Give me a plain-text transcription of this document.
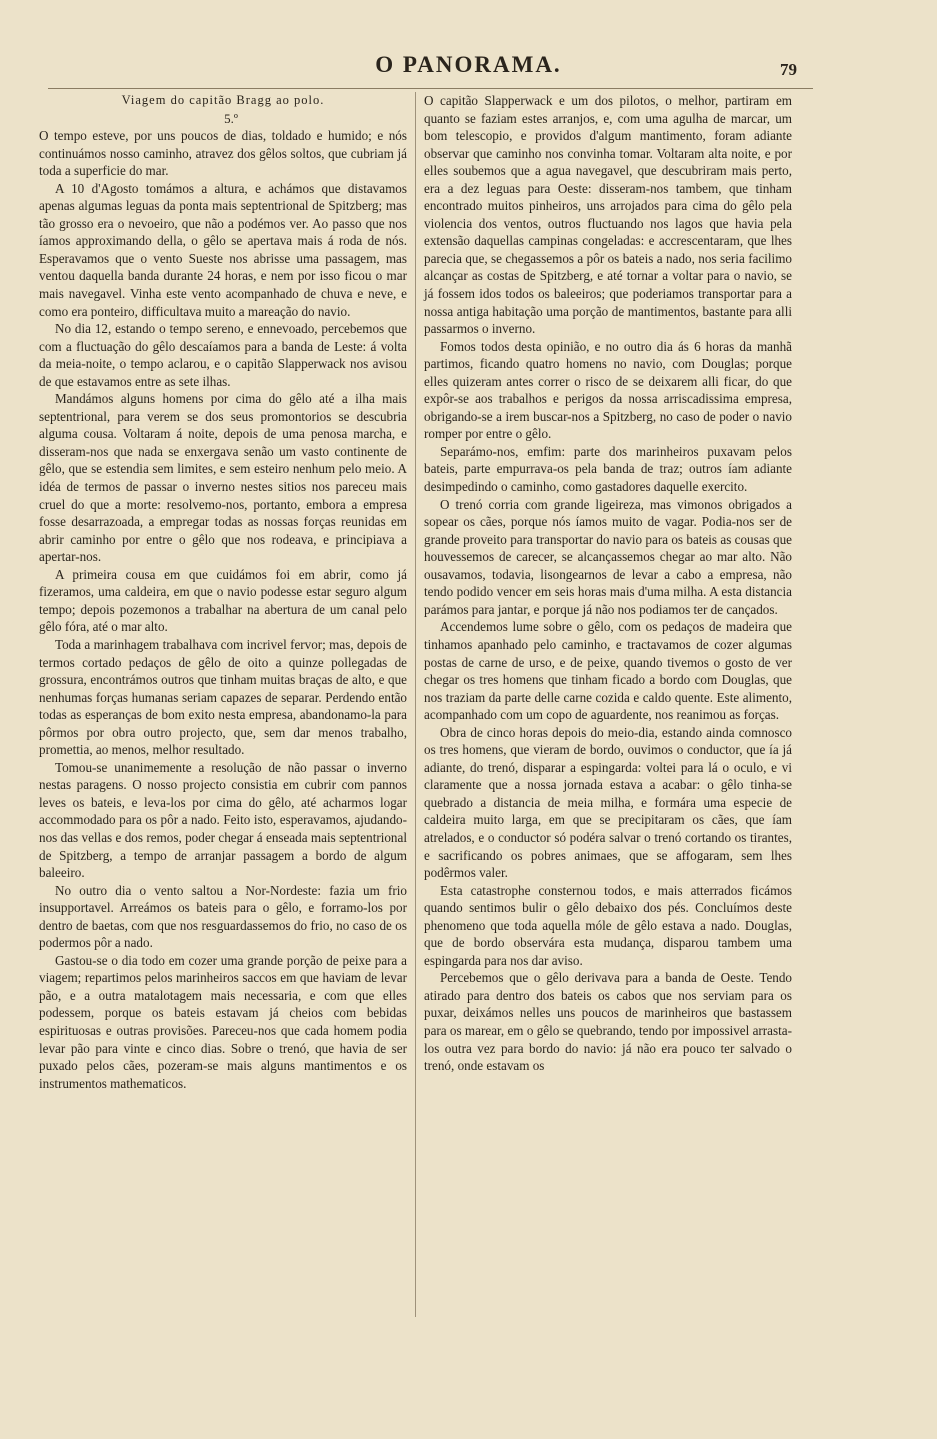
O PANORAMA.	79

Viagem do capitão Bragg ao polo.

5.º

O tempo esteve, por uns poucos de dias, toldado e humido; e nós continuámos nosso caminho, atravez dos gêlos soltos, que cubriam já toda a superficie do mar.

A 10 d'Agosto tomámos a altura, e achámos que distavamos apenas algumas leguas da ponta mais septentrional de Spitzberg; mas tão grosso era o nevoeiro, que não a podémos ver. Ao passo que nos íamos approximando della, o gêlo se apertava mais á roda de nós. Esperavamos que o vento Sueste nos abrisse uma passagem, mas ventou daquella banda durante 24 horas, e nem por isso ficou o mar mais navegavel. Vinha este vento acompanhado de chuva e neve, e como era ponteiro, difficultava muito a mareação do navio.

No dia 12, estando o tempo sereno, e ennevoado, percebemos que com a fluctuação do gêlo descaíamos para a banda de Leste: á volta da meia-noite, o tempo aclarou, e o capitão Slapperwack nos avisou de que estavamos entre as sete ilhas.

Mandámos alguns homens por cima do gêlo até a ilha mais septentrional, para verem se dos seus promontorios se descubria alguma cousa. Voltaram á noite, depois de uma penosa marcha, e disseram-nos que nada se enxergava senão um vasto continente de gêlo, que se estendia sem limites, e sem esteiro nenhum pelo meio. A idéa de termos de passar o inverno nestes sitios nos pareceu mais cruel do que a morte: resolvemo-nos, portanto, embora a empresa fosse desarrazoada, a empregar todas as nossas forças reunidas em abrir caminho por entre o gêlo que nos rodeava, e principiava a apertar-nos.

A primeira cousa em que cuidámos foi em abrir, como já fizeramos, uma caldeira, em que o navio podesse estar seguro algum tempo; depois pozemonos a trabalhar na abertura de um canal pelo gêlo fóra, até o mar alto.

Toda a marinhagem trabalhava com incrivel fervor; mas, depois de termos cortado pedaços de gêlo de oito a quinze pollegadas de grossura, encontrámos outros que tinham muitas braças de alto, e que nenhumas forças humanas seriam capazes de separar. Perdendo então todas as esperanças de bom exito nesta empresa, abandonamo-la para pôrmos por obra outro projecto, que, sem dar menos trabalho, promettia, ao menos, melhor resultado.

Tomou-se unanimemente a resolução de não passar o inverno nestas paragens. O nosso projecto consistia em cubrir com pannos leves os bateis, e leva-los por cima do gêlo, até acharmos logar accommodado para os pôr a nado. Feito isto, esperavamos, ajudando-nos das vellas e dos remos, poder chegar á enseada mais septentrional de Spitzberg, a tempo de arranjar passagem a bordo de algum baleeiro.

No outro dia o vento saltou a Nor-Nordeste: fazia um frio insupportavel. Arreámos os bateis para o gêlo, e forramo-los por dentro de baetas, com que nos resguardassemos do frio, no caso de os podermos pôr a nado.

Gastou-se o dia todo em cozer uma grande porção de peixe para a viagem; repartimos pelos marinheiros saccos em que haviam de levar pão, e a outra matalotagem mais necessaria, e com que elles podessem, porque os bateis estavam já cheios com bebidas espirituosas e outras provisões. Pareceu-nos que cada homem podia levar pão para vinte e cinco dias. Sobre o trenó, que havia de ser puxado pelos cães, pozeram-se mais alguns mantimentos e os instrumentos mathematicos.

O capitão Slapperwack e um dos pilotos, o melhor, partiram em quanto se faziam estes arranjos, e, com uma agulha de marcar, um bom telescopio, e providos d'algum mantimento, foram adiante observar que caminho nos convinha tomar. Voltaram alta noite, e por elles soubemos que a agua navegavel, que descubriram mais perto, era a dez leguas para Oeste: disseram-nos tambem, que tinham encontrado muitos pinheiros, uns arrojados para cima do gêlo pela violencia dos ventos, outros fluctuando nos lagos que havia pela extensão daquellas campinas congeladas: e accrescentaram, que lhes parecia que, se chegassemos a pôr os bateis a nado, nos seria facilimo alcançar as costas de Spitzberg, e até tornar a voltar para o navio, se já fossem idos todos os baleeiros; que poderiamos transportar para a nossa antiga habitação uma porção de mantimentos, bastante para alli passarmos o inverno.

Fomos todos desta opinião, e no outro dia ás 6 horas da manhã partimos, ficando quatro homens no navio, com Douglas; porque elles quizeram antes correr o risco de se deixarem alli ficar, do que expôr-se aos trabalhos e perigos da nossa arriscadissima empresa, obrigando-se a irem buscar-nos a Spitzberg, no caso de poder o navio romper por entre o gêlo.

Separámo-nos, emfim: parte dos marinheiros puxavam pelos bateis, parte empurrava-os pela banda de traz; outros íam adiante desimpedindo o caminho, como gastadores daquelle exercito.

O trenó corria com grande ligeireza, mas vimonos obrigados a sopear os cães, porque nós íamos muito de vagar. Podia-nos ser de grande proveito para transportar do navio para os bateis as cousas que houvessemos de carecer, se alcançassemos chegar ao mar alto. Não ousavamos, todavia, lisongearnos de levar a cabo a empresa, não tendo podido vencer em seis horas mais d'uma milha. A esta distancia parámos para jantar, e porque já não nos podiamos ter de cançados.

Accendemos lume sobre o gêlo, com os pedaços de madeira que tinhamos apanhado pelo caminho, e tractavamos de cozer algumas postas de carne de urso, e de peixe, quando tivemos o gosto de ver chegar os tres homens que tinham ficado a bordo com Douglas, que nos traziam da parte delle carne cozida e caldo quente. Este alimento, acompanhado com um copo de aguardente, nos reanimou as forças.

Obra de cinco horas depois do meio-dia, estando ainda comnosco os tres homens, que vieram de bordo, ouvimos o conductor, que ía já adiante, do trenó, disparar a espingarda: voltei para lá o oculo, e vi claramente que a nossa jornada estava a acabar: o gêlo tinha-se quebrado a distancia de meia milha, e formára uma especie de caldeira muito larga, em que se precipitaram os cães, que íam atrelados, e o conductor só podéra salvar o trenó cortando os tirantes, e sacrificando os pobres animaes, que se affogaram, sem lhes podêrmos valer.

Esta catastrophe consternou todos, e mais atterrados ficámos quando sentimos bulir o gêlo debaixo dos pés. Concluímos deste phenomeno que toda aquella móle de gêlo estava a nado. Douglas, que de bordo observára esta mudança, disparou tambem uma espingarda para nos dar aviso.

Percebemos que o gêlo derivava para a banda de Oeste. Tendo atirado para dentro dos bateis os cabos que nos serviam para os puxar, deixámos nelles uns poucos de marinheiros que bastassem para os marear, em o gêlo se quebrando, tendo por impossivel arrasta-los outra vez para bordo do navio: já não era pouco ter salvado o trenó, onde estavam os
